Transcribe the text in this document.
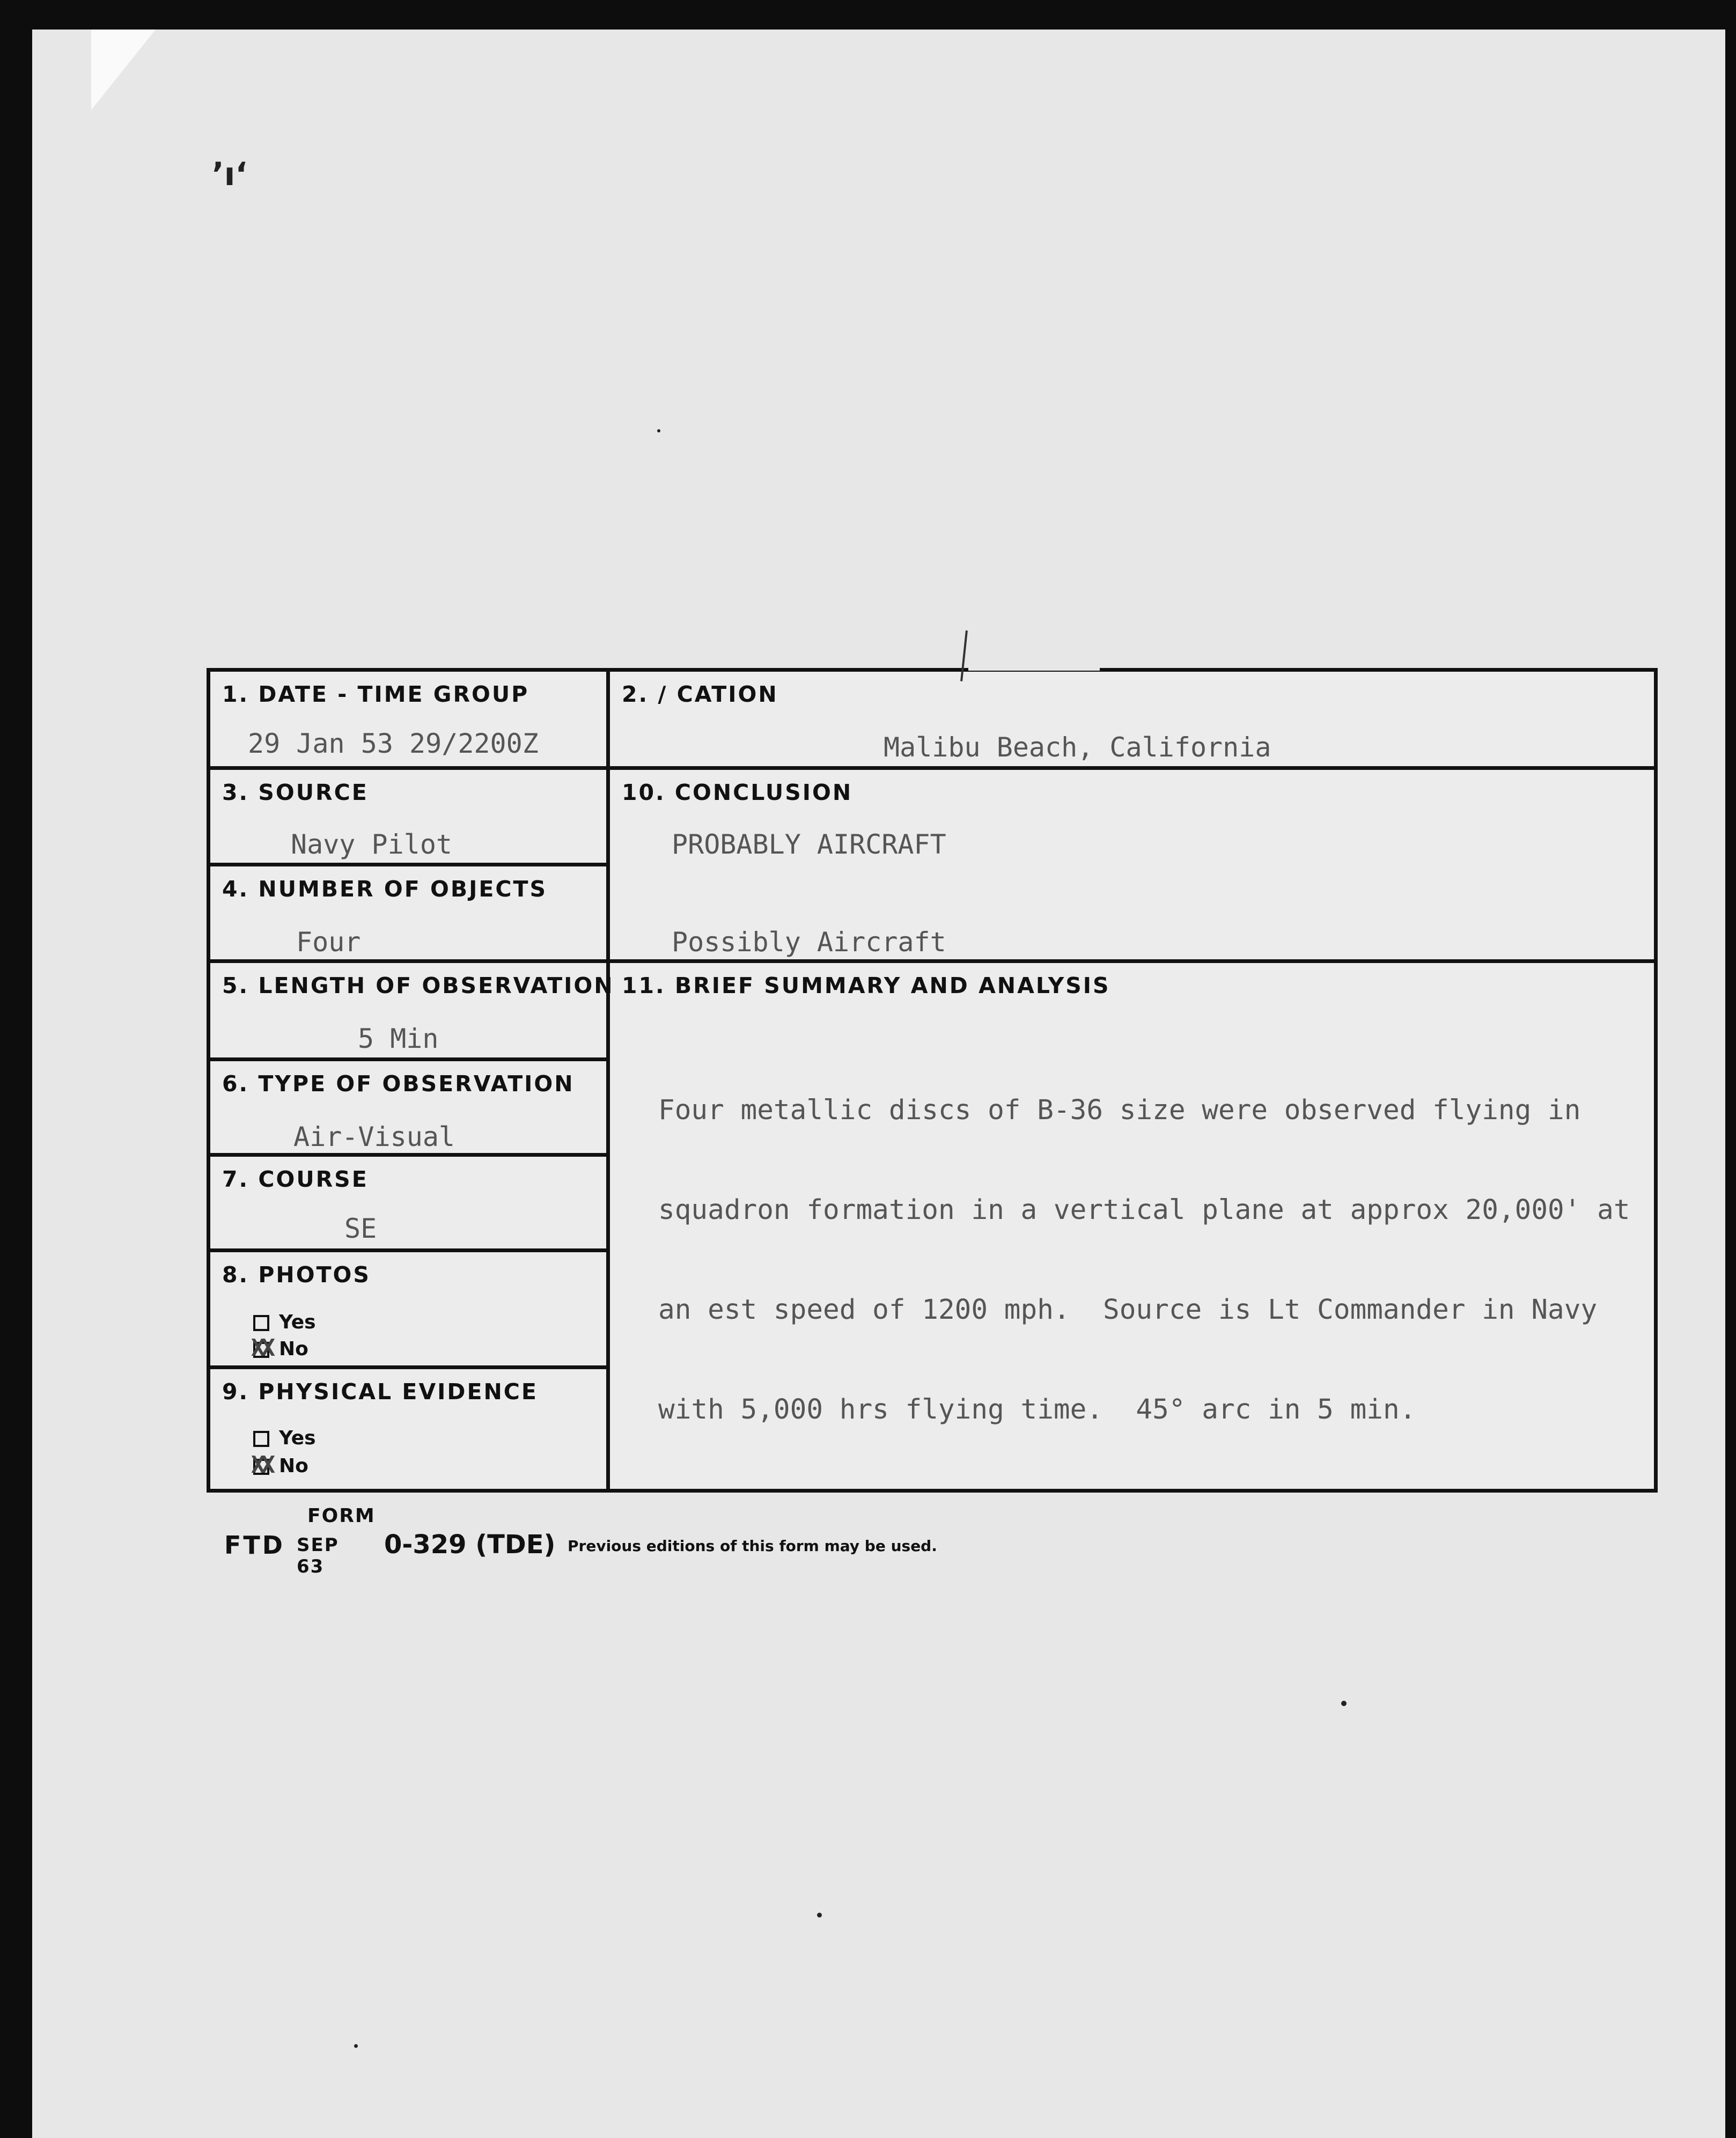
’ı‘
1. DATE - TIME GROUP
29 Jan 53 29/2200Z
2. / CATION
Malibu Beach, California
3. SOURCE
Navy Pilot
4. NUMBER OF OBJECTS
Four
10. CONCLUSION
PROBABLY AIRCRAFT
Possibly Aircraft
5. LENGTH OF OBSERVATION
5 Min
6. TYPE OF OBSERVATION
Air-Visual
7. COURSE
SE
8. PHOTOS
Yes
XXNo
9. PHYSICAL EVIDENCE
Yes
XXNo
11. BRIEF SUMMARY AND ANALYSIS

Four metallic discs of B-36 size were observed flying in

squadron formation in a vertical plane at approx 20,000' at

an est speed of 1200 mph.  Source is Lt Commander in Navy

with 5,000 hrs flying time.  45° arc in 5 min.

FORM
FTD SEP 63
0-329 (TDE) Previous editions of this form may be used.
